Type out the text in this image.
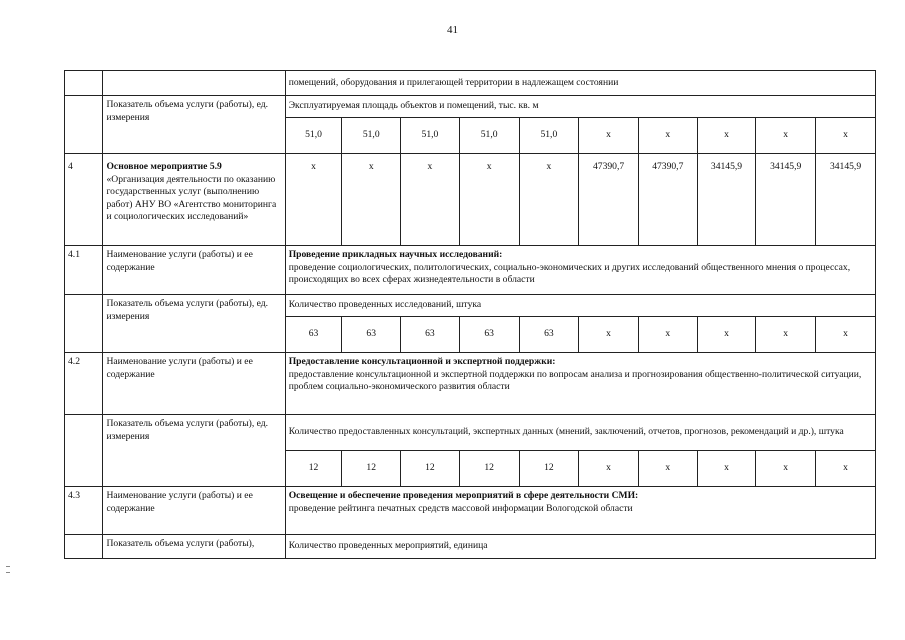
41
		помещений, оборудования и прилегающей территории в надлежащем состоянии									
	Показатель объема услуги (работы), ед. измерения	Эксплуатируемая площадь объектов и помещений, тыс. кв. м									
		51,0	51,0	51,0	51,0	51,0	x	x	x	x	x
4	Основное мероприятие 5.9 «Организация деятельности по оказанию государственных услуг (выполнению работ) АНУ ВО «Агентство мониторинга и социологических исследований»	x	x	x	x	x	47390,7	47390,7	34145,9	34145,9	34145,9
4.1	Наименование услуги (работы) и ее содержание	Проведение прикладных научных исследований:
проведение социологических, политологических, социально-экономических и других исследований общественного мнения о процессах, происходящих во всех сферах жизнедеятельности в области									

	Показатель объема услуги (работы), ед. измерения	Количество проведенных исследований, штука									
		63	63	63	63	63	x	x	x	x	x
4.2	Наименование услуги (работы) и ее содержание	Предоставление консультационной и экспертной поддержки:
предоставление консультационной и экспертной поддержки по вопросам анализа и прогнозирования общественно-политической ситуации, проблем социально-экономического развития области									

	Показатель объема услуги (работы), ед. измерения	Количество предоставленных консультаций, экспертных данных (мнений, заключений, отчетов, прогнозов, рекомендаций и др.), штука									
		12	12	12	12	12	x	x	x	x	x
4.3	Наименование услуги (работы) и ее содержание	Освещение и обеспечение проведения мероприятий в сфере деятельности СМИ:
проведение рейтинга печатных средств массовой информации Вологодской области									

	Показатель объема услуги (работы),	Количество проведенных мероприятий, единица									
